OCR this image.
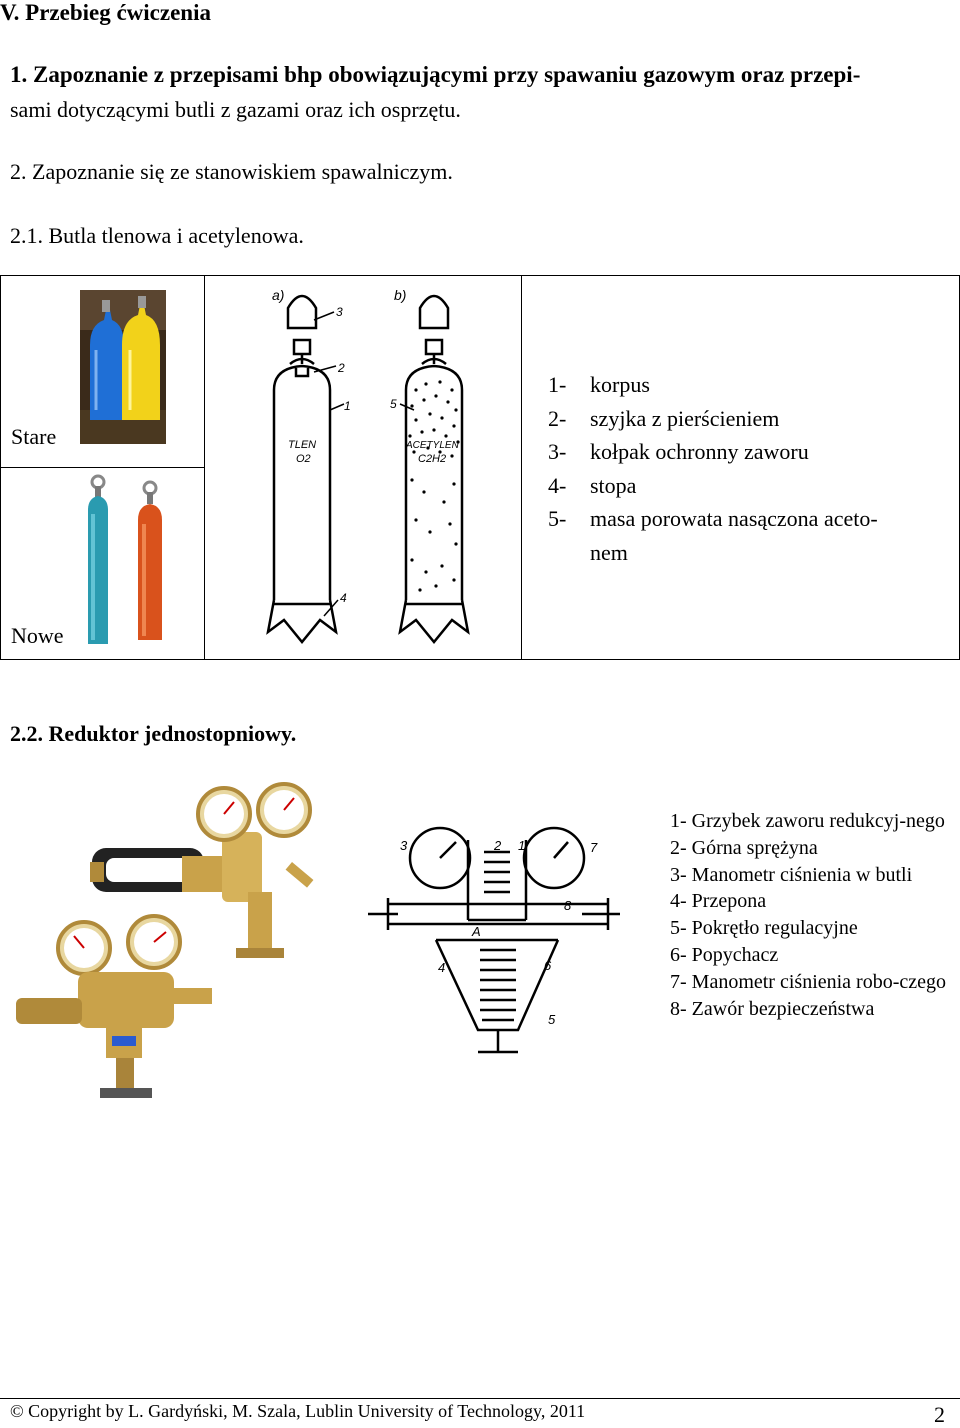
V. Przebieg ćwiczenia
1. Zapoznanie z przepisami bhp obowiązującymi przy spawaniu gazowym oraz przepi-
sami dotyczącymi butli z gazami oraz ich osprzętu.
2. Zapoznanie się ze stanowiskiem spawalniczym.
2.1. Butla tlenowa i acetylenowa.
Stare
Nowe
a)	b)
3
2
1
4
5
TLEN
O2
ACETYLEN
C2H2
1-	korpus
2-	szyjka z pierścieniem
3-	kołpak ochronny zaworu
4-	stopa
5-	masa porowata nasączona aceto-
nem
2.2. Reduktor jednostopniowy.
3	2 1	7
8
A
4	6
5
1- Grzybek zaworu redukcyj-nego
2- Górna sprężyna
3- Manometr ciśnienia w butli
4- Przepona
5- Pokrętło regulacyjne
6- Popychacz
7- Manometr ciśnienia robo-czego
8- Zawór bezpieczeństwa
© Copyright by L. Gardyński, M. Szala, Lublin University of Technology, 2011	2
